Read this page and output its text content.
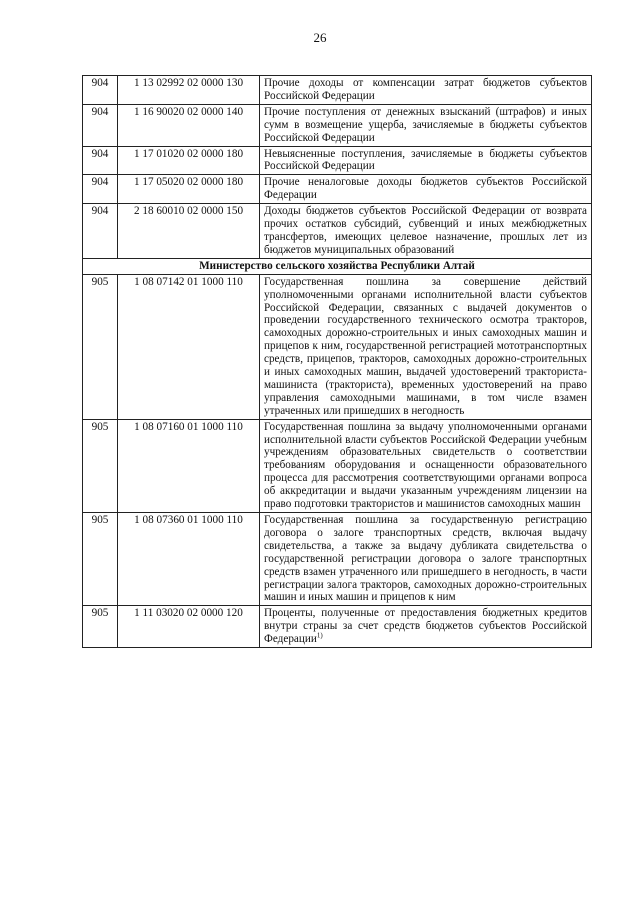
26
904	1 13 02992 02 0000 130	Прочие доходы от компенсации затрат бюджетов субъектов Российской Федерации
904	1 16 90020 02 0000 140	Прочие поступления от денежных взысканий (штрафов) и иных сумм в возмещение ущерба, зачисляемые в бюджеты субъектов Российской Федерации
904	1 17 01020 02 0000 180	Невыясненные поступления, зачисляемые в бюджеты субъектов Российской Федерации
904	1 17 05020 02 0000 180	Прочие неналоговые доходы бюджетов субъектов Российской Федерации
904	2 18 60010 02 0000 150	Доходы бюджетов субъектов Российской Федерации от возврата прочих остатков субсидий, субвенций и иных межбюджетных трансфертов, имеющих целевое назначение, прошлых лет из бюджетов муниципальных образований
Министерство сельского хозяйства Республики Алтай		
905	1 08 07142 01 1000 110	Государственная пошлина за совершение действий уполномоченными органами исполнительной власти субъектов Российской Федерации, связанных с выдачей документов о проведении государственного технического осмотра тракторов, самоходных дорожно-строительных и иных самоходных машин и прицепов к ним, государственной регистрацией мототранспортных средств, прицепов, тракторов, самоходных дорожно-строительных и иных самоходных машин, выдачей удостоверений тракториста-машиниста (тракториста), временных удостоверений на право управления самоходными машинами, в том числе взамен утраченных или пришедших в негодность
905	1 08 07160 01 1000 110	Государственная пошлина за выдачу уполномоченными органами исполнительной власти субъектов Российской Федерации учебным учреждениям образовательных свидетельств о соответствии требованиям оборудования и оснащенности образовательного процесса для рассмотрения соответствующими органами вопроса об аккредитации и выдачи указанным учреждениям лицензии на право подготовки трактористов и машинистов самоходных машин
905	1 08 07360 01 1000 110	Государственная пошлина за государственную регистрацию договора о залоге транспортных средств, включая выдачу свидетельства, а также за выдачу дубликата свидетельства о государственной регистрации договора о залоге транспортных средств взамен утраченного или пришедшего в негодность, в части регистрации залога тракторов, самоходных дорожно-строительных машин и иных машин и прицепов к ним
905	1 11 03020 02 0000 120	Проценты, полученные от предоставления бюджетных кредитов внутри страны за счет средств бюджетов субъектов Российской Федерации$^{1)}$
